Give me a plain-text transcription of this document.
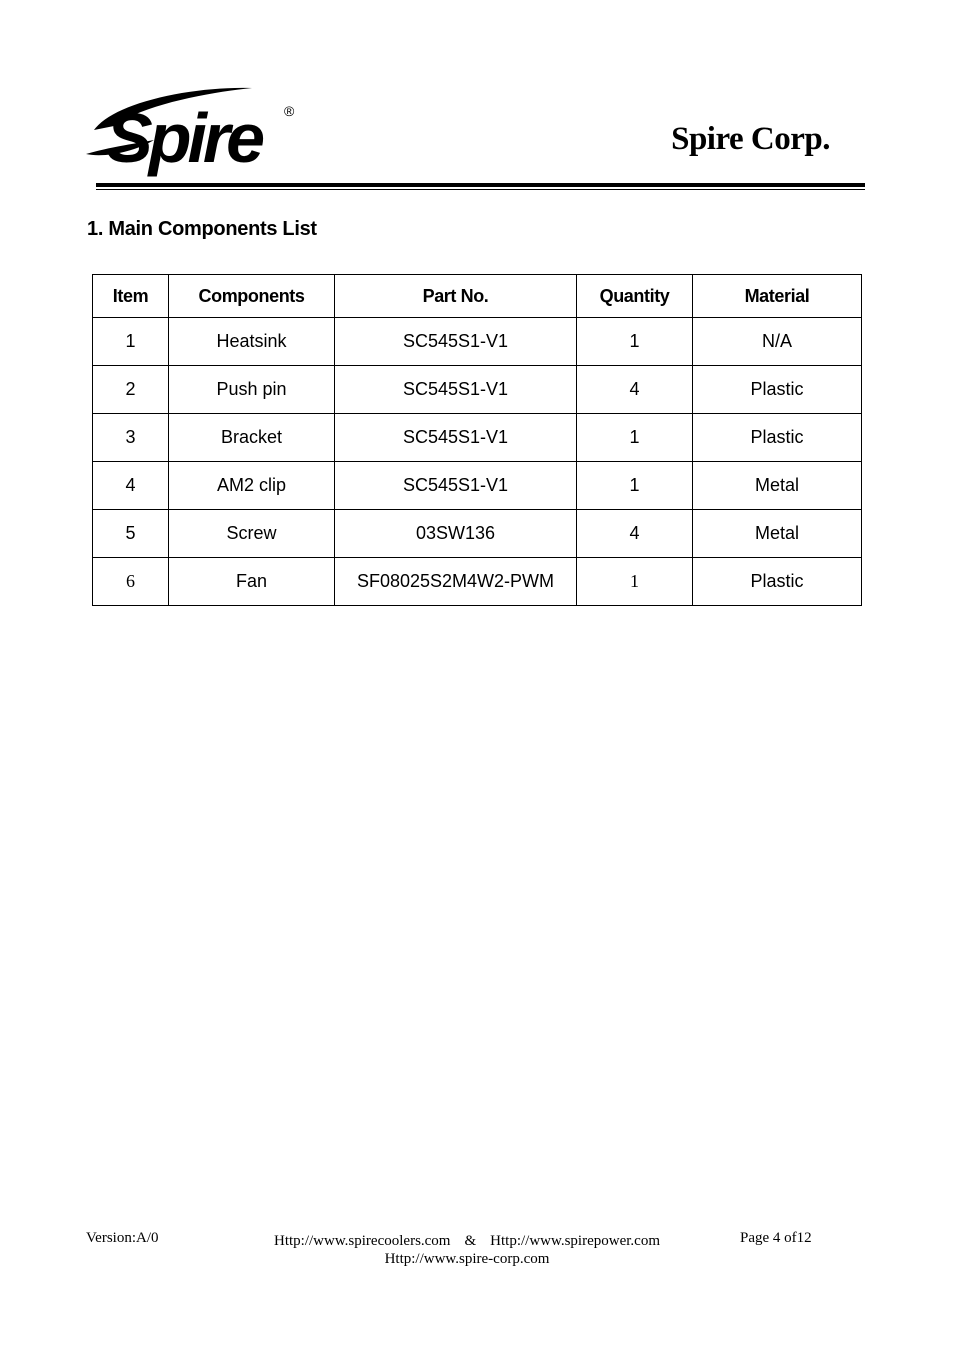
Spire ®
Spire Corp.
1. Main Components List
Item	Components	Part No.	Quantity	Material
1	Heatsink	SC545S1-V1	1	N/A
2	Push pin	SC545S1-V1	4	Plastic
3	Bracket	SC545S1-V1	1	Plastic
4	AM2 clip	SC545S1-V1	1	Metal
5	Screw	03SW136	4	Metal
6	Fan	SF08025S2M4W2-PWM	1	Plastic
Version:A/0	Http://www.spirecoolers.com & Http://www.spirepower.com
Http://www.spire-corp.com
Page 4 of12
